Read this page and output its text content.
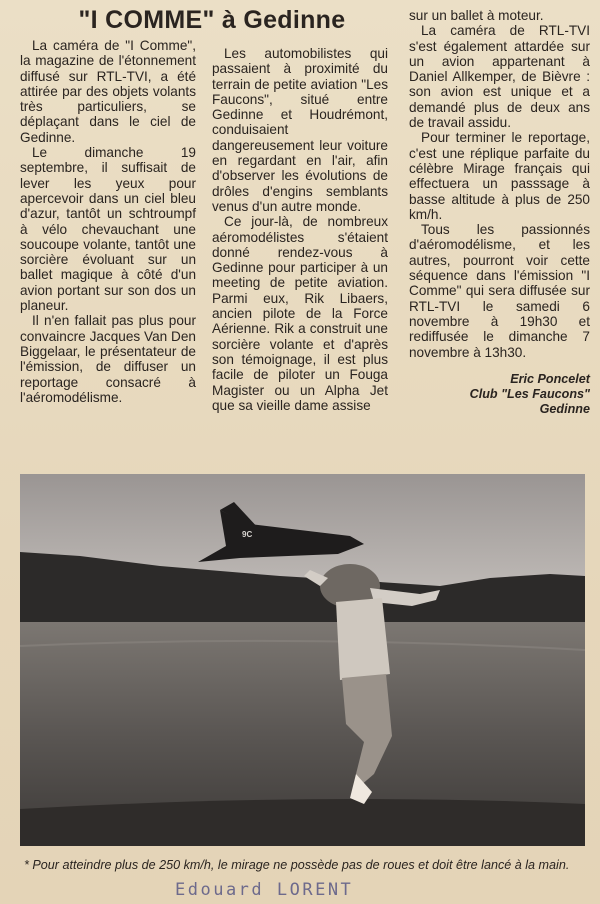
"I COMME" à Gedinne

La caméra de "I Comme", la magazine de l'étonnement diffusé sur RTL-TVI, a été attirée par des objets volants très particuliers, se déplaçant dans le ciel de Gedinne.

Le dimanche 19 septembre, il suffisait de lever les yeux pour apercevoir dans un ciel bleu d'azur, tantôt un schtroumpf à vélo chevauchant une soucoupe volante, tantôt une sorcière évoluant sur un ballet magique à côté d'un avion portant sur son dos un planeur.

Il n'en fallait pas plus pour convaincre Jacques Van Den Biggelaar, le présentateur de l'émission, de diffuser un reportage consacré à l'aéromodélisme.

Les automobilistes qui passaient à proximité du terrain de petite aviation "Les Faucons", situé entre Gedinne et Houdrémont, conduisaient dangereusement leur voiture en regardant en l'air, afin d'observer les évolutions de drôles d'engins semblants venus d'un autre monde.

Ce jour-là, de nombreux aéromodélistes s'étaient donné rendez-vous à Gedinne pour participer à un meeting de petite aviation. Parmi eux, Rik Libaers, ancien pilote de la Force Aérienne. Rik a construit une sorcière volante et d'après son témoignage, il est plus facile de piloter un Fouga Magister ou un Alpha Jet que sa vieille dame assise

sur un ballet à moteur.

La caméra de RTL-TVI s'est également attardée sur un avion appartenant à Daniel Allkemper, de Bièvre : son avion est unique et a demandé plus de deux ans de travail assidu.

Pour terminer le reportage, c'est une réplique parfaite du célèbre Mirage français qui effectuera un passsage à basse altitude à plus de 250 km/h.

Tous les passionnés d'aéromodélisme, et les autres, pourront voir cette séquence dans l'émission "I Comme" qui sera diffusée sur RTL-TVI le samedi 6 novembre à 19h30 et rediffusée le dimanche 7 novembre à 13h30.

Eric Poncelet
Club "Les Faucons"
Gedinne
9C
* Pour atteindre plus de 250 km/h, le mirage ne possède pas de roues et doit être lancé à la main.
Edouard LORENT
